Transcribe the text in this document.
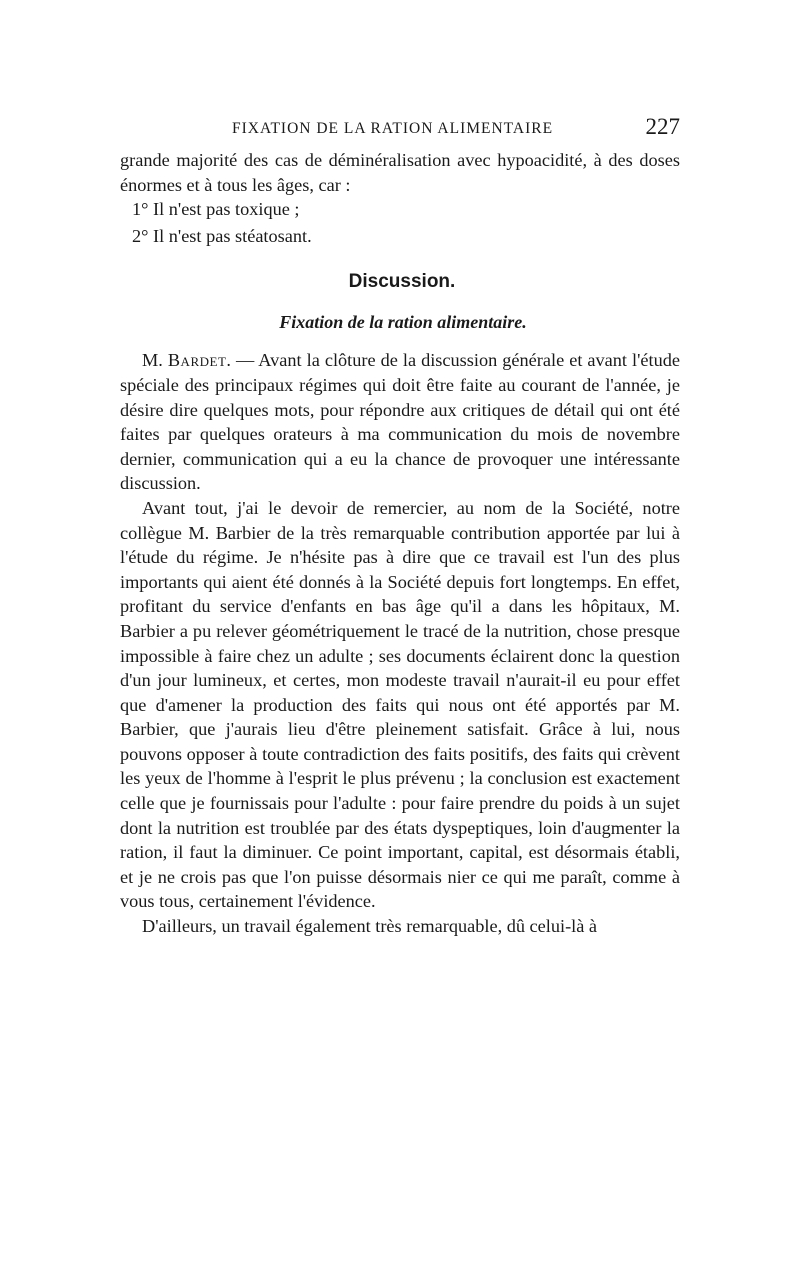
FIXATION DE LA RATION ALIMENTAIRE	227

grande majorité des cas de déminéralisation avec hypoacidité, à des doses énormes et à tous les âges, car :

1° Il n'est pas toxique ;

2° Il n'est pas stéatosant.

Discussion.
Fixation de la ration alimentaire.

M. Bardet. — Avant la clôture de la discussion générale et avant l'étude spéciale des principaux régimes qui doit être faite au courant de l'année, je désire dire quelques mots, pour répondre aux critiques de détail qui ont été faites par quelques orateurs à ma communication du mois de novembre dernier, communication qui a eu la chance de provoquer une intéressante discussion.

Avant tout, j'ai le devoir de remercier, au nom de la Société, notre collègue M. Barbier de la très remarquable contribution apportée par lui à l'étude du régime. Je n'hésite pas à dire que ce travail est l'un des plus importants qui aient été donnés à la Société depuis fort longtemps. En effet, profitant du service d'enfants en bas âge qu'il a dans les hôpitaux, M. Barbier a pu relever géométriquement le tracé de la nutrition, chose presque impossible à faire chez un adulte ; ses documents éclairent donc la question d'un jour lumineux, et certes, mon modeste travail n'aurait-il eu pour effet que d'amener la production des faits qui nous ont été apportés par M. Barbier, que j'aurais lieu d'être pleinement satisfait. Grâce à lui, nous pouvons opposer à toute contradiction des faits positifs, des faits qui crèvent les yeux de l'homme à l'esprit le plus prévenu ; la conclusion est exactement celle que je fournissais pour l'adulte : pour faire prendre du poids à un sujet dont la nutrition est troublée par des états dyspeptiques, loin d'augmenter la ration, il faut la diminuer. Ce point important, capital, est désormais établi, et je ne crois pas que l'on puisse désormais nier ce qui me paraît, comme à vous tous, certainement l'évidence.

D'ailleurs, un travail également très remarquable, dû celui-là à
